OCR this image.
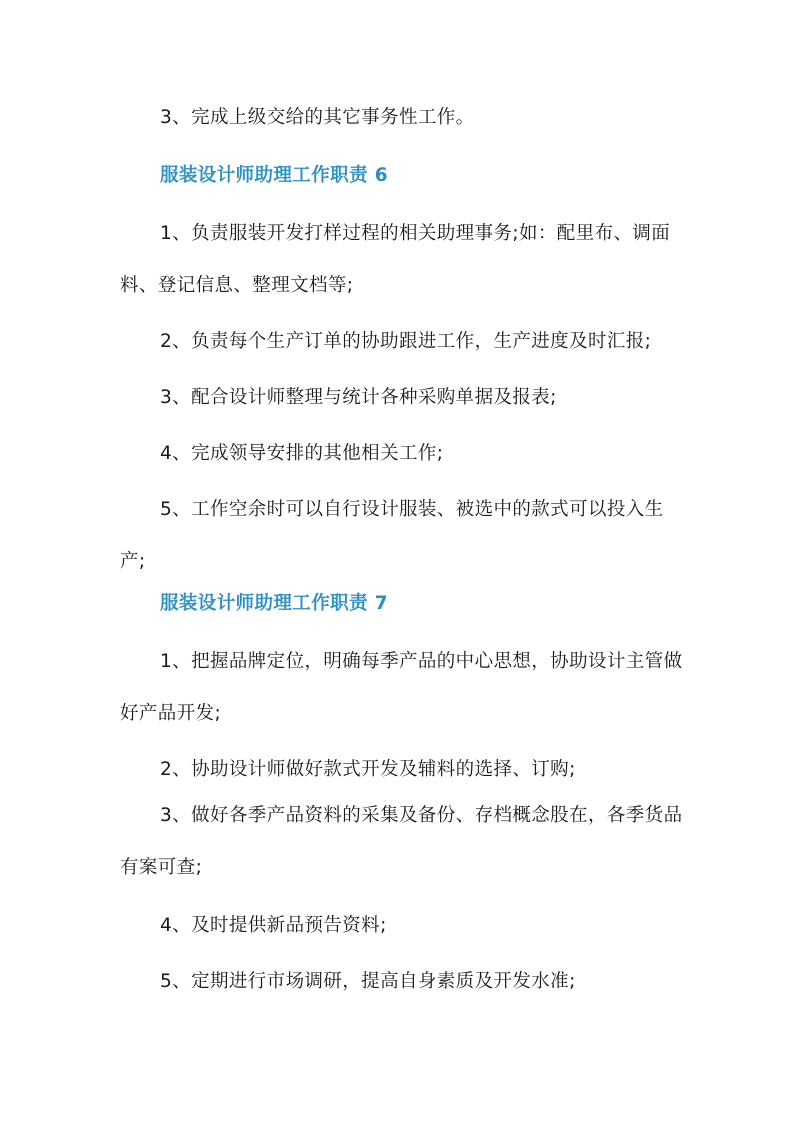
3、完成上级交给的其它事务性工作。

服装设计师助理工作职责 6

1、负责服装开发打样过程的相关助理事务;如：配里布、调面料、登记信息、整理文档等;

2、负责每个生产订单的协助跟进工作，生产进度及时汇报;

3、配合设计师整理与统计各种采购单据及报表;

4、完成领导安排的其他相关工作;

5、工作空余时可以自行设计服装、被选中的款式可以投入生产;

服装设计师助理工作职责 7

1、把握品牌定位，明确每季产品的中心思想，协助设计主管做好产品开发;

2、协助设计师做好款式开发及辅料的选择、订购;

3、做好各季产品资料的采集及备份、存档概念股在，各季货品有案可查;

4、及时提供新品预告资料;

5、定期进行市场调研，提高自身素质及开发水准;
